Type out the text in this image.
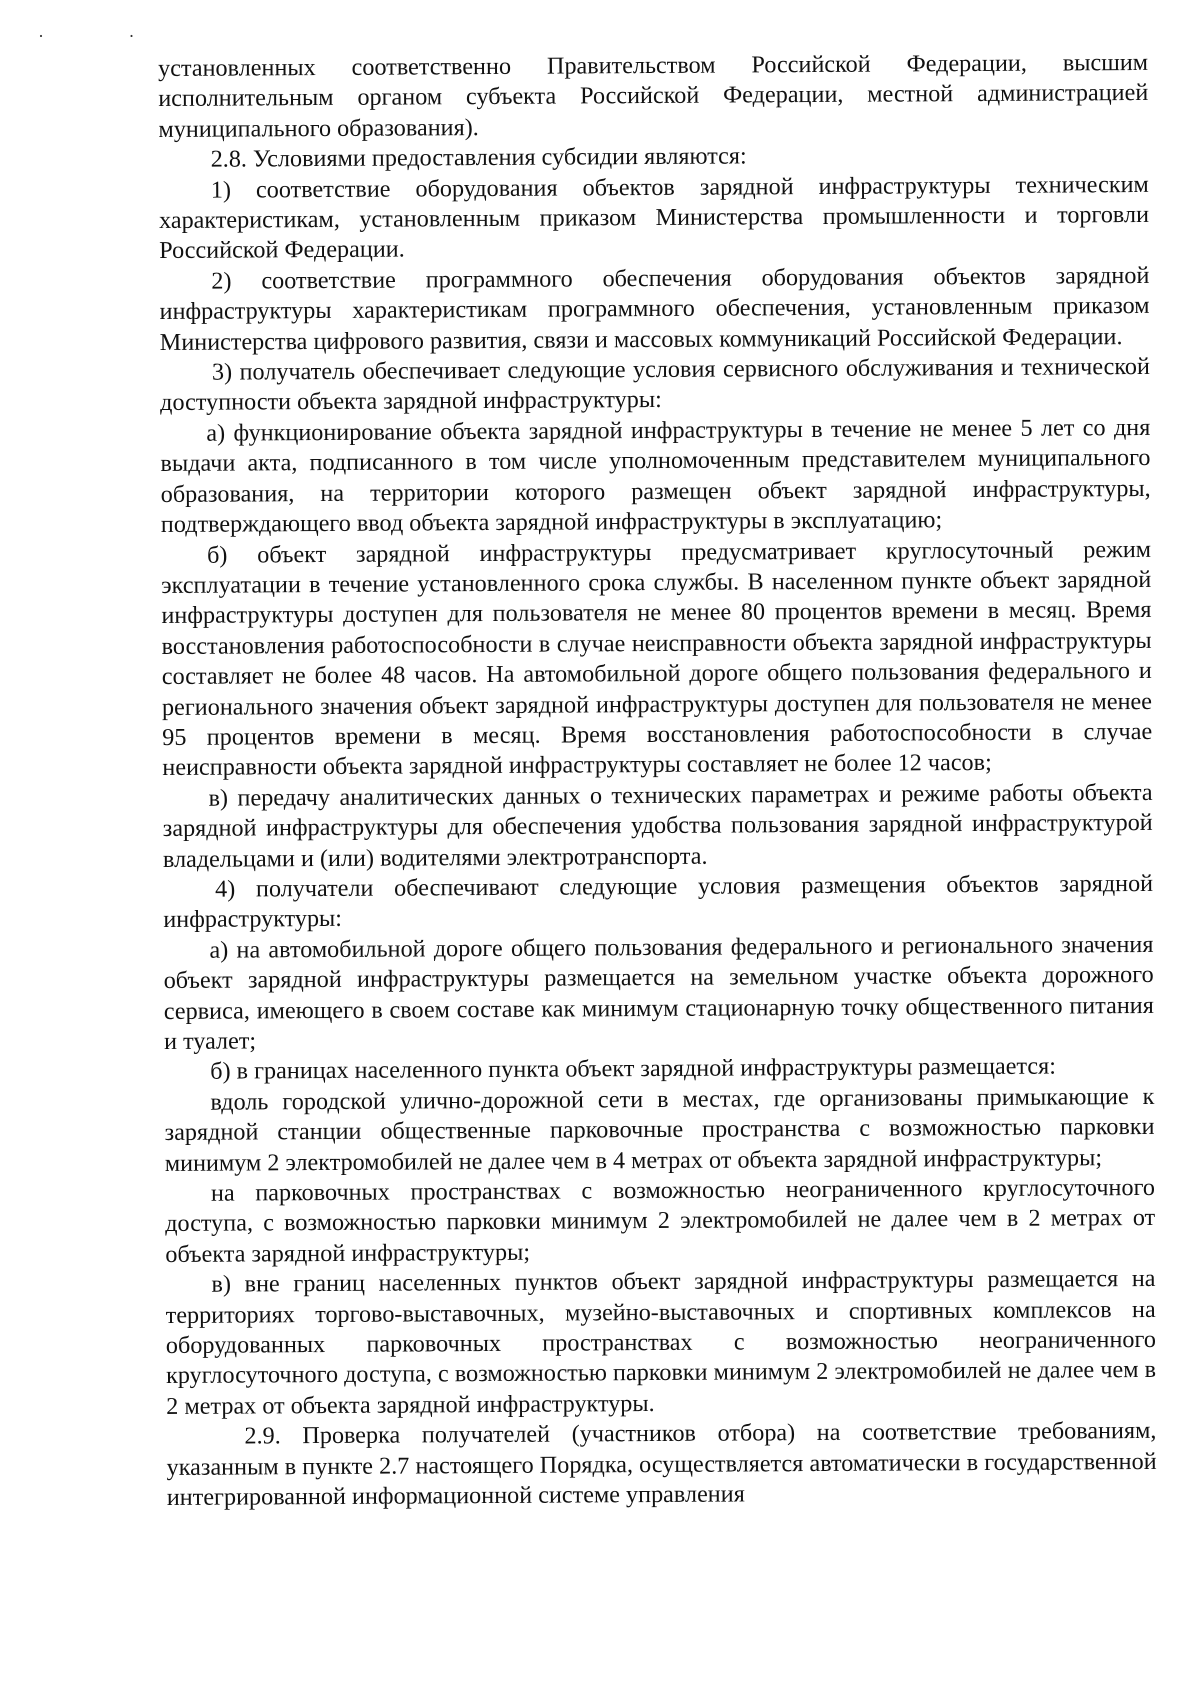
· ·

установленных соответственно Правительством Российской Федерации, высшим исполнительным органом субъекта Российской Федерации, местной администрацией муниципального образования).

2.8. Условиями предоставления субсидии являются:

1) соответствие оборудования объектов зарядной инфраструктуры техническим характеристикам, установленным приказом Министерства промышленности и торговли Российской Федерации.

2) соответствие программного обеспечения оборудования объектов зарядной инфраструктуры характеристикам программного обеспечения, установленным приказом Министерства цифрового развития, связи и массовых коммуникаций Российской Федерации.

3) получатель обеспечивает следующие условия сервисного обслуживания и технической доступности объекта зарядной инфраструктуры:

а) функционирование объекта зарядной инфраструктуры в течение не менее 5 лет со дня выдачи акта, подписанного в том числе уполномоченным представителем муниципального образования, на территории которого размещен объект зарядной инфраструктуры, подтверждающего ввод объекта зарядной инфраструктуры в эксплуатацию;

б) объект зарядной инфраструктуры предусматривает круглосуточный режим эксплуатации в течение установленного срока службы. В населенном пункте объект зарядной инфраструктуры доступен для пользователя не менее 80 процентов времени в месяц. Время восстановления работоспособности в случае неисправности объекта зарядной инфраструктуры составляет не более 48 часов. На автомобильной дороге общего пользования федерального и регионального значения объект зарядной инфраструктуры доступен для пользователя не менее 95 процентов времени в месяц. Время восстановления работоспособности в случае неисправности объекта зарядной инфраструктуры составляет не более 12 часов;

в) передачу аналитических данных о технических параметрах и режиме работы объекта зарядной инфраструктуры для обеспечения удобства пользования зарядной инфраструктурой владельцами и (или) водителями электротранспорта.

4) получатели обеспечивают следующие условия размещения объектов зарядной инфраструктуры:

а) на автомобильной дороге общего пользования федерального и регионального значения объект зарядной инфраструктуры размещается на земельном участке объекта дорожного сервиса, имеющего в своем составе как минимум стационарную точку общественного питания и туалет;

б) в границах населенного пункта объект зарядной инфраструктуры размещается:

вдоль городской улично-дорожной сети в местах, где организованы примыкающие к зарядной станции общественные парковочные пространства с возможностью парковки минимум 2 электромобилей не далее чем в 4 метрах от объекта зарядной инфраструктуры;

на парковочных пространствах с возможностью неограниченного круглосуточного доступа, с возможностью парковки минимум 2 электромобилей не далее чем в 2 метрах от объекта зарядной инфраструктуры;

в) вне границ населенных пунктов объект зарядной инфраструктуры размещается на территориях торгово-выставочных, музейно-выставочных и спортивных комплексов на оборудованных парковочных пространствах с возможностью неограниченного круглосуточного доступа, с возможностью парковки минимум 2 электромобилей не далее чем в 2 метрах от объекта зарядной инфраструктуры.

2.9. Проверка получателей (участников отбора) на соответствие требованиям, указанным в пункте 2.7 настоящего Порядка, осуществляется автоматически в государственной интегрированной информационной системе управления
